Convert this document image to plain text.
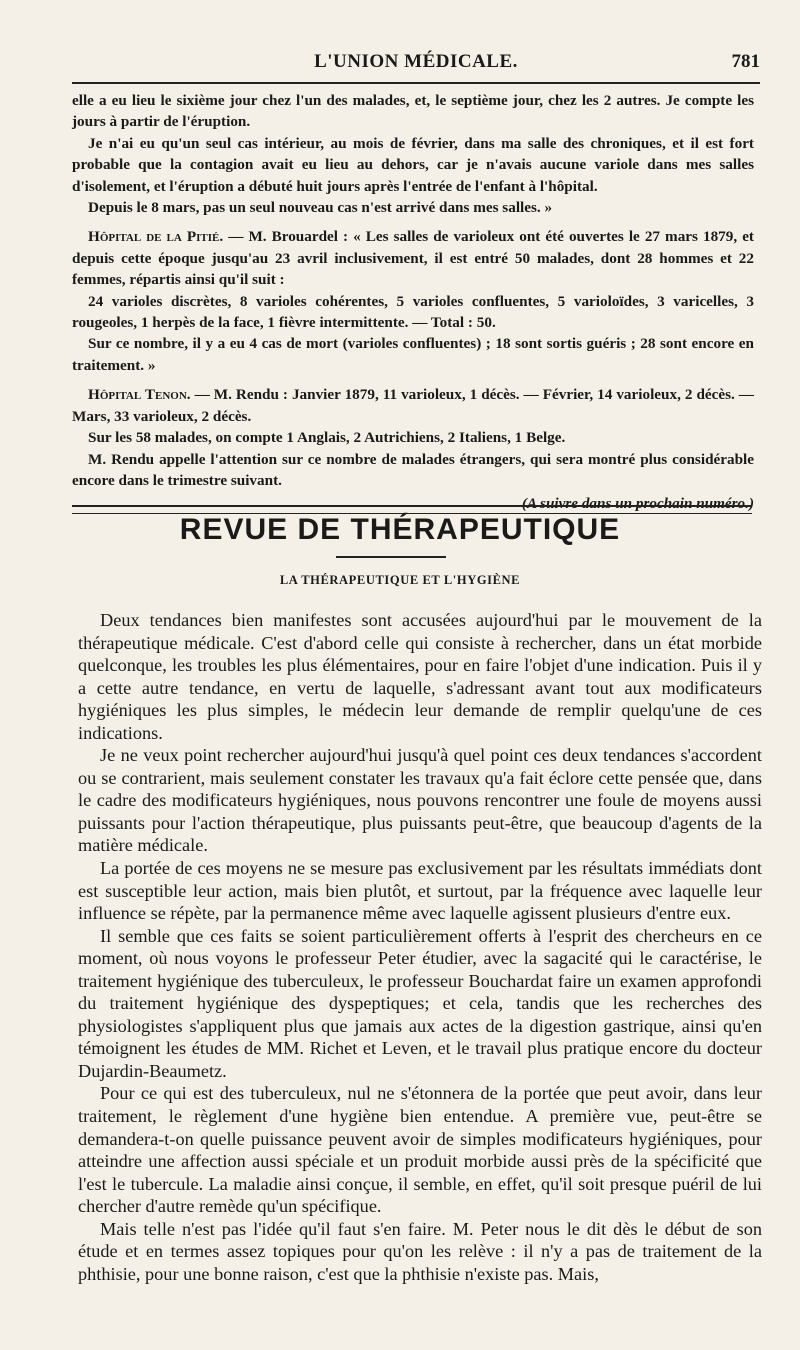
L'UNION MÉDICALE.	781

elle a eu lieu le sixième jour chez l'un des malades, et, le septième jour, chez les 2 autres. Je compte les jours à partir de l'éruption.

Je n'ai eu qu'un seul cas intérieur, au mois de février, dans ma salle des chroniques, et il est fort probable que la contagion avait eu lieu au dehors, car je n'avais aucune variole dans mes salles d'isolement, et l'éruption a débuté huit jours après l'entrée de l'enfant à l'hôpital.

Depuis le 8 mars, pas un seul nouveau cas n'est arrivé dans mes salles. »

Hôpital de la Pitié. — M. Brouardel : « Les salles de varioleux ont été ouvertes le 27 mars 1879, et depuis cette époque jusqu'au 23 avril inclusivement, il est entré 50 malades, dont 28 hommes et 22 femmes, répartis ainsi qu'il suit :

24 varioles discrètes, 8 varioles cohérentes, 5 varioles confluentes, 5 varioloïdes, 3 varicelles, 3 rougeoles, 1 herpès de la face, 1 fièvre intermittente. — Total : 50.

Sur ce nombre, il y a eu 4 cas de mort (varioles confluentes) ; 18 sont sortis guéris ; 28 sont encore en traitement. »

Hôpital Tenon. — M. Rendu : Janvier 1879, 11 varioleux, 1 décès. — Février, 14 varioleux, 2 décès. — Mars, 33 varioleux, 2 décès.

Sur les 58 malades, on compte 1 Anglais, 2 Autrichiens, 2 Italiens, 1 Belge.

M. Rendu appelle l'attention sur ce nombre de malades étrangers, qui sera montré plus considérable encore dans le trimestre suivant.

(A suivre dans un prochain numéro.)

REVUE DE THÉRAPEUTIQUE
LA THÉRAPEUTIQUE ET L'HYGIÈNE

Deux tendances bien manifestes sont accusées aujourd'hui par le mouvement de la thérapeutique médicale. C'est d'abord celle qui consiste à rechercher, dans un état morbide quelconque, les troubles les plus élémentaires, pour en faire l'objet d'une indication. Puis il y a cette autre tendance, en vertu de laquelle, s'adressant avant tout aux modificateurs hygiéniques les plus simples, le médecin leur demande de remplir quelqu'une de ces indications.

Je ne veux point rechercher aujourd'hui jusqu'à quel point ces deux tendances s'accordent ou se contrarient, mais seulement constater les travaux qu'a fait éclore cette pensée que, dans le cadre des modificateurs hygiéniques, nous pouvons rencontrer une foule de moyens aussi puissants pour l'action thérapeutique, plus puissants peut-être, que beaucoup d'agents de la matière médicale.

La portée de ces moyens ne se mesure pas exclusivement par les résultats immédiats dont est susceptible leur action, mais bien plutôt, et surtout, par la fréquence avec laquelle leur influence se répète, par la permanence même avec laquelle agissent plusieurs d'entre eux.

Il semble que ces faits se soient particulièrement offerts à l'esprit des chercheurs en ce moment, où nous voyons le professeur Peter étudier, avec la sagacité qui le caractérise, le traitement hygiénique des tuberculeux, le professeur Bouchardat faire un examen approfondi du traitement hygiénique des dyspeptiques; et cela, tandis que les recherches des physiologistes s'appliquent plus que jamais aux actes de la digestion gastrique, ainsi qu'en témoignent les études de MM. Richet et Leven, et le travail plus pratique encore du docteur Dujardin-Beaumetz.

Pour ce qui est des tuberculeux, nul ne s'étonnera de la portée que peut avoir, dans leur traitement, le règlement d'une hygiène bien entendue. A première vue, peut-être se demandera-t-on quelle puissance peuvent avoir de simples modificateurs hygiéniques, pour atteindre une affection aussi spéciale et un produit morbide aussi près de la spécificité que l'est le tubercule. La maladie ainsi conçue, il semble, en effet, qu'il soit presque puéril de lui chercher d'autre remède qu'un spécifique.

Mais telle n'est pas l'idée qu'il faut s'en faire. M. Peter nous le dit dès le début de son étude et en termes assez topiques pour qu'on les relève : il n'y a pas de traitement de la phthisie, pour une bonne raison, c'est que la phthisie n'existe pas. Mais,
